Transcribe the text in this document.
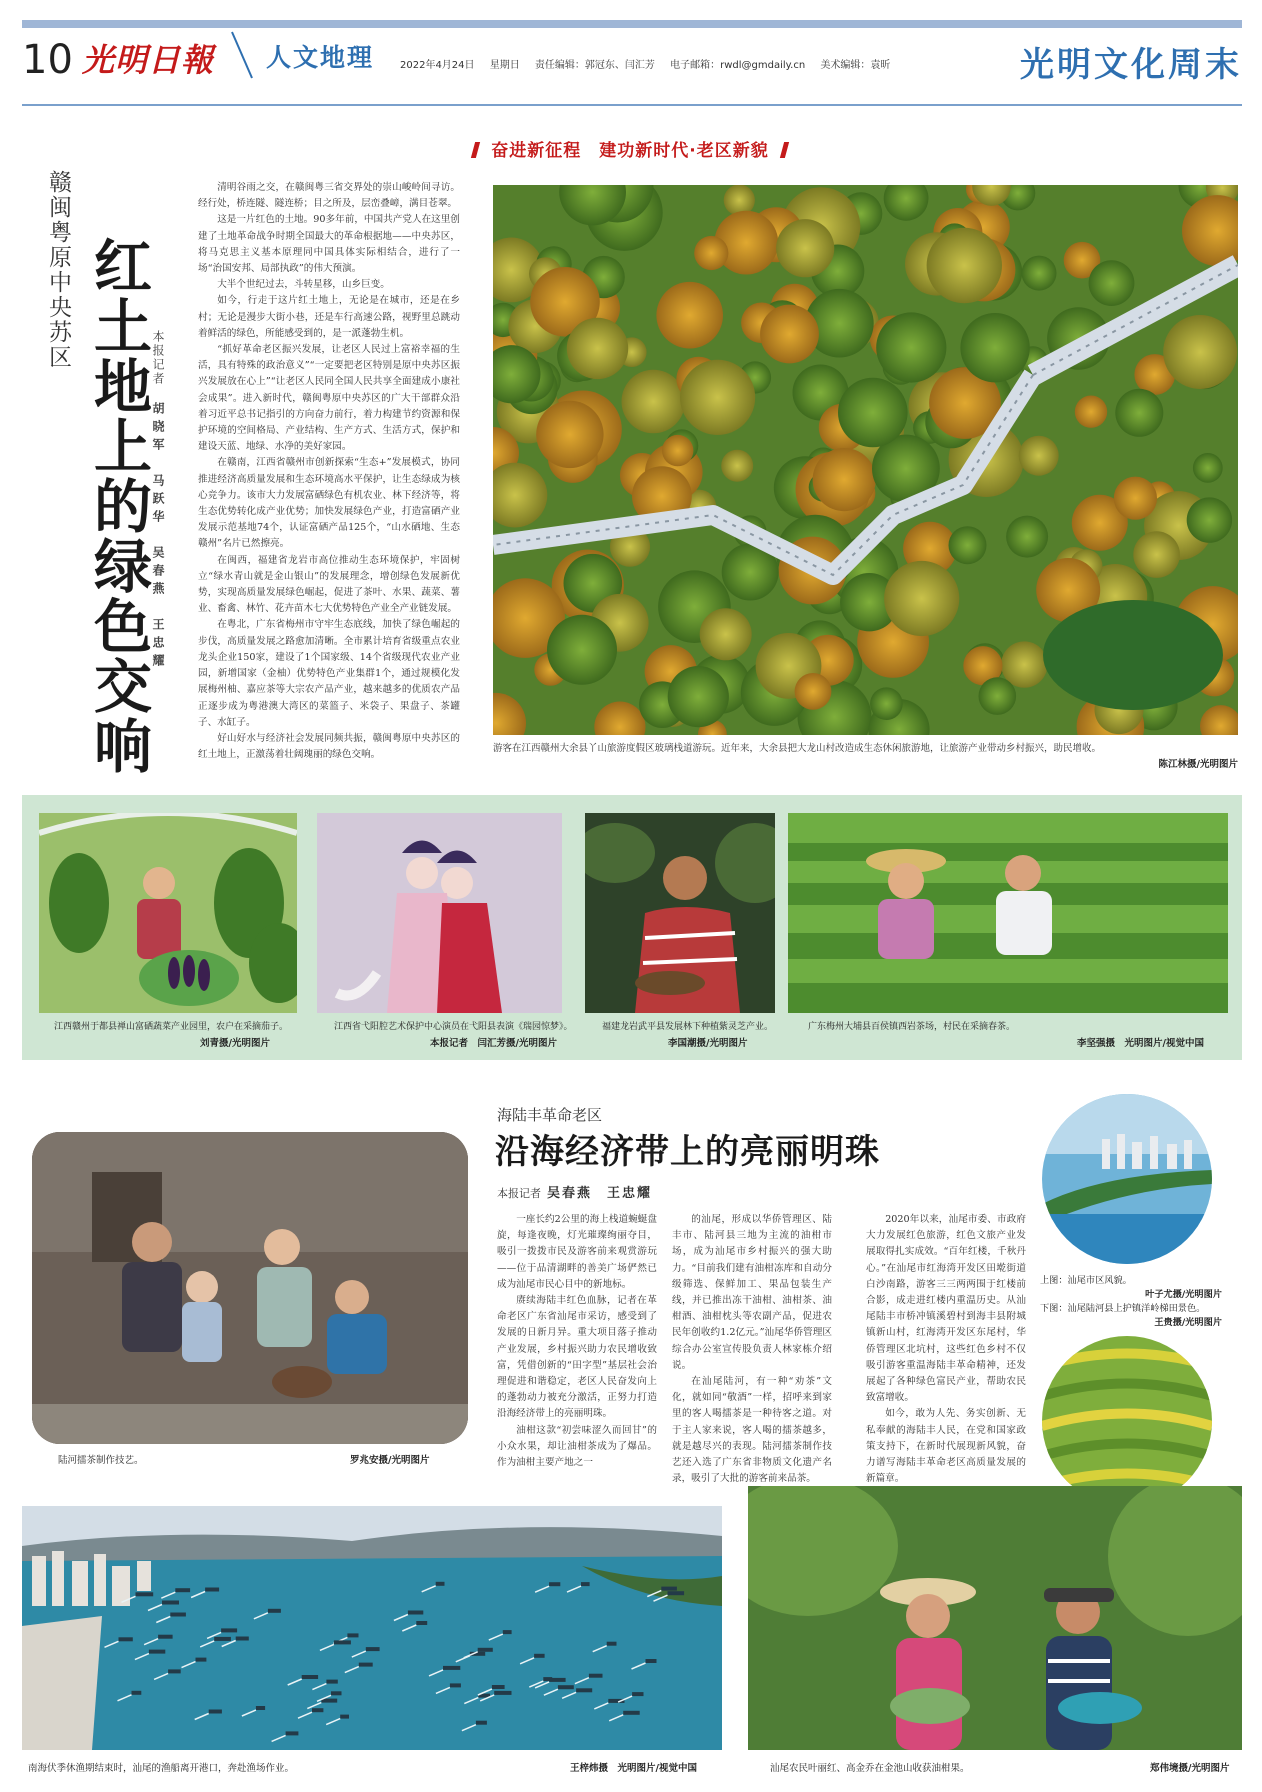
10 光明日報 人文地理	2022年4月24日 星期日 责任编辑：郭冠东、闫汇芳 电子邮箱：rwdl@gmdaily.cn 美术编辑：袁昕	光明文化周末
奋进新征程　建功新时代·老区新貌
赣闽粤原中央苏区 红土地上的绿色交响 本报记者 胡晓军　马跃华　吴春燕　王忠耀

清明谷雨之交，在赣闽粤三省交界处的崇山峻岭间寻访。经行处，桥连隧、隧连桥；目之所及，层峦叠嶂，满目苍翠。

这是一片红色的土地。90多年前，中国共产党人在这里创建了土地革命战争时期全国最大的革命根据地——中央苏区，将马克思主义基本原理同中国具体实际相结合，进行了一场“治国安邦、局部执政”的伟大预演。

大半个世纪过去，斗转星移，山乡巨变。

如今，行走于这片红土地上，无论是在城市，还是在乡村；无论是漫步大街小巷，还是车行高速公路，视野里总跳动着鲜活的绿色，所能感受到的，是一派蓬勃生机。

“抓好革命老区振兴发展，让老区人民过上富裕幸福的生活，具有特殊的政治意义”“一定要把老区特别是原中央苏区振兴发展放在心上”“让老区人民同全国人民共享全面建成小康社会成果”。进入新时代，赣闽粤原中央苏区的广大干部群众沿着习近平总书记指引的方向奋力前行，着力构建节约资源和保护环境的空间格局、产业结构、生产方式、生活方式，保护和建设天蓝、地绿、水净的美好家园。

在赣南，江西省赣州市创新探索“生态+”发展模式，协同推进经济高质量发展和生态环境高水平保护，让生态绿成为核心竞争力。该市大力发展富硒绿色有机农业、林下经济等，将生态优势转化成产业优势；加快发展绿色产业，打造富硒产业发展示范基地74个，认证富硒产品125个，“山水硒地、生态赣州”名片已然擦亮。

在闽西，福建省龙岩市高位推动生态环境保护，牢固树立“绿水青山就是金山银山”的发展理念，增创绿色发展新优势，实现高质量发展绿色崛起，促进了茶叶、水果、蔬菜、薯业、畜禽、林竹、花卉苗木七大优势特色产业全产业链发展。

在粤北，广东省梅州市守牢生态底线，加快了绿色崛起的步伐，高质量发展之路愈加清晰。全市累计培育省级重点农业龙头企业150家，建设了1个国家级、14个省级现代农业产业园，新增国家（金柚）优势特色产业集群1个，通过规模化发展梅州柚、嘉应茶等大宗农产品产业，越来越多的优质农产品正逐步成为粤港澳大湾区的菜篮子、米袋子、果盘子、茶罐子、水缸子。

好山好水与经济社会发展同频共振，赣闽粤原中央苏区的红土地上，正激荡着壮阔瑰丽的绿色交响。

游客在江西赣州大余县丫山旅游度假区玻璃栈道游玩。近年来，大余县把大龙山村改造成生态休闲旅游地，让旅游产业带动乡村振兴，助民增收。
陈江林摄/光明图片
江西赣州于都县禅山富硒蔬菜产业园里，农户在采摘茄子。
刘青摄/光明图片
江西省弋阳腔艺术保护中心演员在弋阳县表演《瑞园惊梦》。
本报记者　闫汇芳摄/光明图片
福建龙岩武平县发展林下种植紫灵芝产业。
李国潮摄/光明图片
广东梅州大埔县百侯镇西岩茶场，村民在采摘春茶。
李坚强摄　光明图片/视觉中国
陆河擂茶制作技艺。	罗兆安摄/光明图片
海陆丰革命老区
沿海经济带上的亮丽明珠
本报记者 吴春燕　王忠耀

一座长约2公里的海上栈道蜿蜒盘旋，每逢夜晚，灯光璀璨绚丽夺目，吸引一拨拨市民及游客前来观赏游玩——位于品清湖畔的善美广场俨然已成为汕尾市民心目中的新地标。

赓续海陆丰红色血脉，记者在革命老区广东省汕尾市采访，感受到了发展的日新月异。重大项目落子推动产业发展，乡村振兴助力农民增收致富，凭借创新的“田字型”基层社会治理促进和谐稳定，老区人民奋发向上的蓬勃动力被充分激活，正努力打造沿海经济带上的亮丽明珠。

油柑这款“初尝味涩久而回甘”的小众水果，却让油柑茶成为了爆品。作为油柑主要产地之一

的汕尾，形成以华侨管理区、陆丰市、陆河县三地为主流的油柑市场，成为汕尾市乡村振兴的强大助力。“目前我们建有油柑冻库和自动分级筛选、保鲜加工、果品包装生产线，并已推出冻干油柑、油柑茶、油柑酒、油柑枕头等农副产品，促进农民年创收约1.2亿元。”汕尾华侨管理区综合办公室宣传股负责人林家栋介绍说。

在汕尾陆河，有一种“劝茶”文化，就如同“敬酒”一样，招呼来到家里的客人喝擂茶是一种待客之道。对于主人家来说，客人喝的擂茶越多，就是越尽兴的表现。陆河擂茶制作技艺还入选了广东省非物质文化遗产名录，吸引了大批的游客前来品茶。

2020年以来，汕尾市委、市政府大力发展红色旅游，红色文旅产业发展取得扎实成效。“百年红楼，千秋丹心。”在汕尾市红海湾开发区田墘街道白沙南路，游客三三两两围于红楼前合影，成走进红楼内重温历史。从汕尾陆丰市桥冲镇溪碧村到海丰县附城镇新山村，红海湾开发区东尾村，华侨管理区北坑村，这些红色乡村不仅吸引游客重温海陆丰革命精神，还发展起了各种绿色富民产业，帮助农民致富增收。

如今，敢为人先、务实创新、无私奉献的海陆丰人民，在党和国家政策支持下，在新时代展现新风貌，奋力谱写海陆丰革命老区高质量发展的新篇章。

上图：汕尾市区风貌。
叶子尤摄/光明图片
下图：汕尾陆河县上护镇洋岭梯田景色。
王贵摄/光明图片
南海伏季休渔期结束时，汕尾的渔船离开港口，奔赴渔场作业。	王梓炜摄　光明图片/视觉中国	汕尾农民叶丽红、高金乔在金池山收获油柑果。	郑伟境摄/光明图片
